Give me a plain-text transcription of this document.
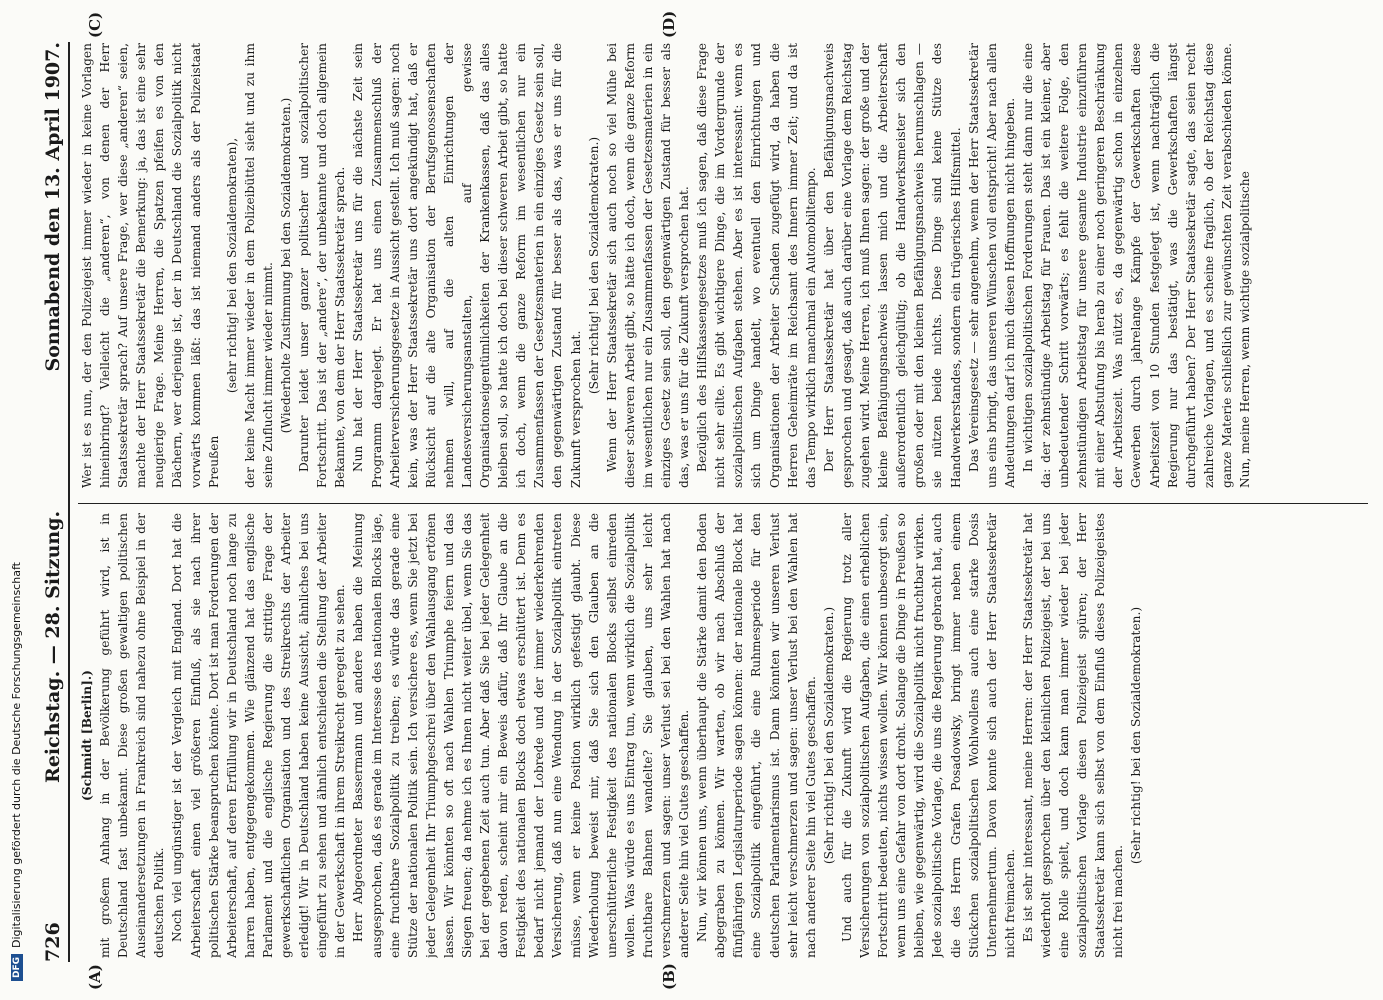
726
Reichstag. — 28. Sitzung.
Sonnabend den 13. April 1907.
(A)	(B)
(C)	(D)

(Schmidt [Berlin].) mit großem Anhang in der Bevölkerung geführt wird, ist in Deutschland fast unbekannt. Diese großen gewaltigen politischen Auseinandersetzungen in Frankreich sind nahezu ohne Beispiel in der deutschen Politik. Noch viel ungünstiger ist der Vergleich mit England. Dort hat die Arbeiterschaft einen viel größeren Einfluß, als sie nach ihrer politischen Stärke beanspruchen könnte. Dort ist man Forderungen der Arbeiterschaft, auf deren Erfüllung wir in Deutschland noch lange zu harren haben, entgegengekommen. Wie glänzend hat das englische Parlament und die englische Regierung die strittige Frage der gewerkschaftlichen Organisation und des Streikrechts der Arbeiter erledigt! Wir in Deutschland haben keine Aussicht, ähnliches bei uns eingeführt zu sehen und ähnlich entschieden die Stellung der Arbeiter in der Gewerkschaft in ihrem Streikrecht geregelt zu sehen. Herr Abgeordneter Bassermann und andere haben die Meinung ausgesprochen, daß es gerade im Interesse des nationalen Blocks läge, eine fruchtbare Sozialpolitik zu treiben; es würde das gerade eine Stütze der nationalen Politik sein. Ich versichere es, wenn Sie jetzt bei jeder Gelegenheit Ihr Triumphgeschrei über den Wahlausgang ertönen lassen. Wir könnten so oft nach Wahlen Triumphe feiern und das Siegen freuen; da nehme ich es Ihnen nicht weiter übel, wenn Sie das bei der gegebenen Zeit auch tun. Aber daß Sie bei jeder Gelegenheit davon reden, scheint mir ein Beweis dafür, daß Ihr Glaube an die Festigkeit des nationalen Blocks doch etwas erschüttert ist. Denn es bedarf nicht jemand der Lobrede und der immer wiederkehrenden Versicherung, daß nun eine Wendung in der Sozialpolitik eintreten müsse, wenn er keine Position wirklich gefestigt glaubt. Diese Wiederholung beweist mir, daß Sie sich den Glauben an die unerschütterliche Festigkeit des nationalen Blocks selbst einreden wollen. Was würde es uns Eintrag tun, wenn wirklich die Sozialpolitik fruchtbare Bahnen wandelte? Sie glauben, uns sehr leicht verschmerzen und sagen: unser Verlust sei bei den Wahlen hat nach anderer Seite hin viel Gutes geschaffen. Nun, wir können uns, wenn überhaupt die Stärke damit den Boden abgegraben zu können. Wir warten, ob wir nach Abschluß der fünfjährigen Legislaturperiode sagen können: der nationale Block hat eine Sozialpolitik eingeführt, die eine Ruhmesperiode für den deutschen Parlamentarismus ist. Dann könnten wir unseren Verlust sehr leicht verschmerzen und sagen: unser Verlust bei den Wahlen hat nach anderer Seite hin viel Gutes geschaffen. (Sehr richtig! bei den Sozialdemokraten.) Und auch für die Zukunft wird die Regierung trotz aller Versicherungen von sozialpolitischen Aufgaben, die einen erheblichen Fortschritt bedeuten, nichts wissen wollen. Wir können unbesorgt sein, wenn uns eine Gefahr von dort droht. Solange die Dinge in Preußen so bleiben, wie gegenwärtig, wird die Sozialpolitik nicht fruchtbar wirken. Jede sozialpolitische Vorlage, die uns die Regierung gebracht hat, auch die des Herrn Grafen Posadowsky, bringt immer neben einem Stückchen sozialpolitischen Wohlwollens auch eine starke Dosis Unternehmertum. Davon konnte sich auch der Herr Staatssekretär nicht freimachen. Es ist sehr interessant, meine Herren: der Herr Staatssekretär hat wiederholt gesprochen über den kleinlichen Polizeigeist, der bei uns eine Rolle spielt, und doch kann man immer wieder bei jeder sozialpolitischen Vorlage diesen Polizeigeist spüren; der Herr Staatssekretär kann sich selbst von dem Einfluß dieses Polizeigeistes nicht frei machen.

(Sehr richtig! bei den Sozialdemokraten.)

Wer ist es nun, der den Polizeigeist immer wieder in keine Vorlagen hineinbringt? Vielleicht die „anderen“, von denen der Herr Staatssekretär sprach? Auf unsere Frage, wer diese „anderen“ seien, machte der Herr Staatssekretär die Bemerkung: ja, das ist eine sehr neugierige Frage. Meine Herren, die Spatzen pfeifen es von den Dächern, wer derjenige ist, der in Deutschland die Sozialpolitik nicht vorwärts kommen läßt: das ist niemand anders als der Polizeistaat Preußen

(sehr richtig! bei den Sozialdemokraten), der keine Macht immer wieder in dem Polizeibüttel sieht und zu ihm seine Zuflucht immer wieder nimmt. (Wiederholte Zustimmung bei den Sozialdemokraten.) Darunter leidet unser ganzer politischer und sozialpolitischer Fortschritt. Das ist der „andere“, der unbekannte und doch allgemein Bekannte, von dem der Herr Staatssekretär sprach. Nun hat der Herr Staatssekretär uns für die nächste Zeit sein Programm dargelegt. Er hat uns einen Zusammenschluß der Arbeiterversicherungsgesetze in Aussicht gestellt. Ich muß sagen: noch kein, was der Herr Staatssekretär uns dort angekündigt hat, daß er Rücksicht auf die alte Organisation der Berufsgenossenschaften nehmen will, auf die alten Einrichtungen der Landesversicherungsanstalten, auf gewisse Organisationseigentümlichkeiten der Krankenkassen, daß das alles bleiben soll, so hatte ich doch bei dieser schweren Arbeit gibt, so hatte ich doch, wenn die ganze Reform im wesentlichen nur ein Zusammenfassen der Gesetzesmaterien in ein einziges Gesetz sein soll, den gegenwärtigen Zustand für besser als das, was er uns für die Zukunft versprochen hat.

(Sehr richtig! bei den Sozialdemokraten.) Wenn der Herr Staatssekretär sich auch noch so viel Mühe bei dieser schweren Arbeit gibt, so hätte ich doch, wenn die ganze Reform im wesentlichen nur ein Zusammenfassen der Gesetzesmaterien in ein einziges Gesetz sein soll, den gegenwärtigen Zustand für besser als das, was er uns für die Zukunft versprochen hat. Bezüglich des Hilfskassengesetzes muß ich sagen, daß diese Frage nicht sehr eilte. Es gibt wichtigere Dinge, die im Vordergrunde der sozialpolitischen Aufgaben stehen. Aber es ist interessant: wenn es sich um Dinge handelt, wo eventuell den Einrichtungen und Organisationen der Arbeiter Schaden zugefügt wird, da haben die Herren Geheimräte im Reichsamt des Innern immer Zeit; und da ist das Tempo wirklich manchmal ein Automobiltempo. Der Herr Staatssekretär hat über den Befähigungsnachweis gesprochen und gesagt, daß auch darüber eine Vorlage dem Reichstag zugehen wird. Meine Herren, ich muß Ihnen sagen: der große und der kleine Befähigungsnachweis lassen mich und die Arbeiterschaft außerordentlich gleichgültig; ob die Handwerksmeister sich den großen oder mit den kleinen Befähigungsnachweis herumschlagen — sie nützen beide nichts. Diese Dinge sind keine Stütze des Handwerkerstandes, sondern ein trügerisches Hilfsmittel. Das Vereinsgesetz — sehr angenehm, wenn der Herr Staatssekretär uns eins bringt, das unseren Wünschen voll entspricht! Aber nach allen Andeutungen darf ich mich diesen Hoffnungen nicht hingeben. In wichtigen sozialpolitischen Forderungen steht dann nur die eine da: der zehnstündige Arbeitstag für Frauen. Das ist ein kleiner, aber unbedeutender Schritt vorwärts; es fehlt die weitere Folge, den zehnstündigen Arbeitstag für unsere gesamte Industrie einzuführen mit einer Abstufung bis herab zu einer noch geringeren Beschränkung der Arbeitszeit. Was nützt es, da gegenwärtig schon in einzelnen Gewerben durch jahrelange Kämpfe der Gewerkschaften diese Arbeitszeit von 10 Stunden festgelegt ist, wenn nachträglich die Regierung nur das bestätigt, was die Gewerkschaften längst durchgeführt haben? Der Herr Staatssekretär sagte, das seien recht zahlreiche Vorlagen, und es scheine fraglich, ob der Reichstag diese ganze Materie schließlich zur gewünschten Zeit verabschieden könne. Nun, meine Herren, wenn wichtige sozialpolitische

DFG
Digitalisierung gefördert durch die Deutsche Forschungsgemeinschaft
